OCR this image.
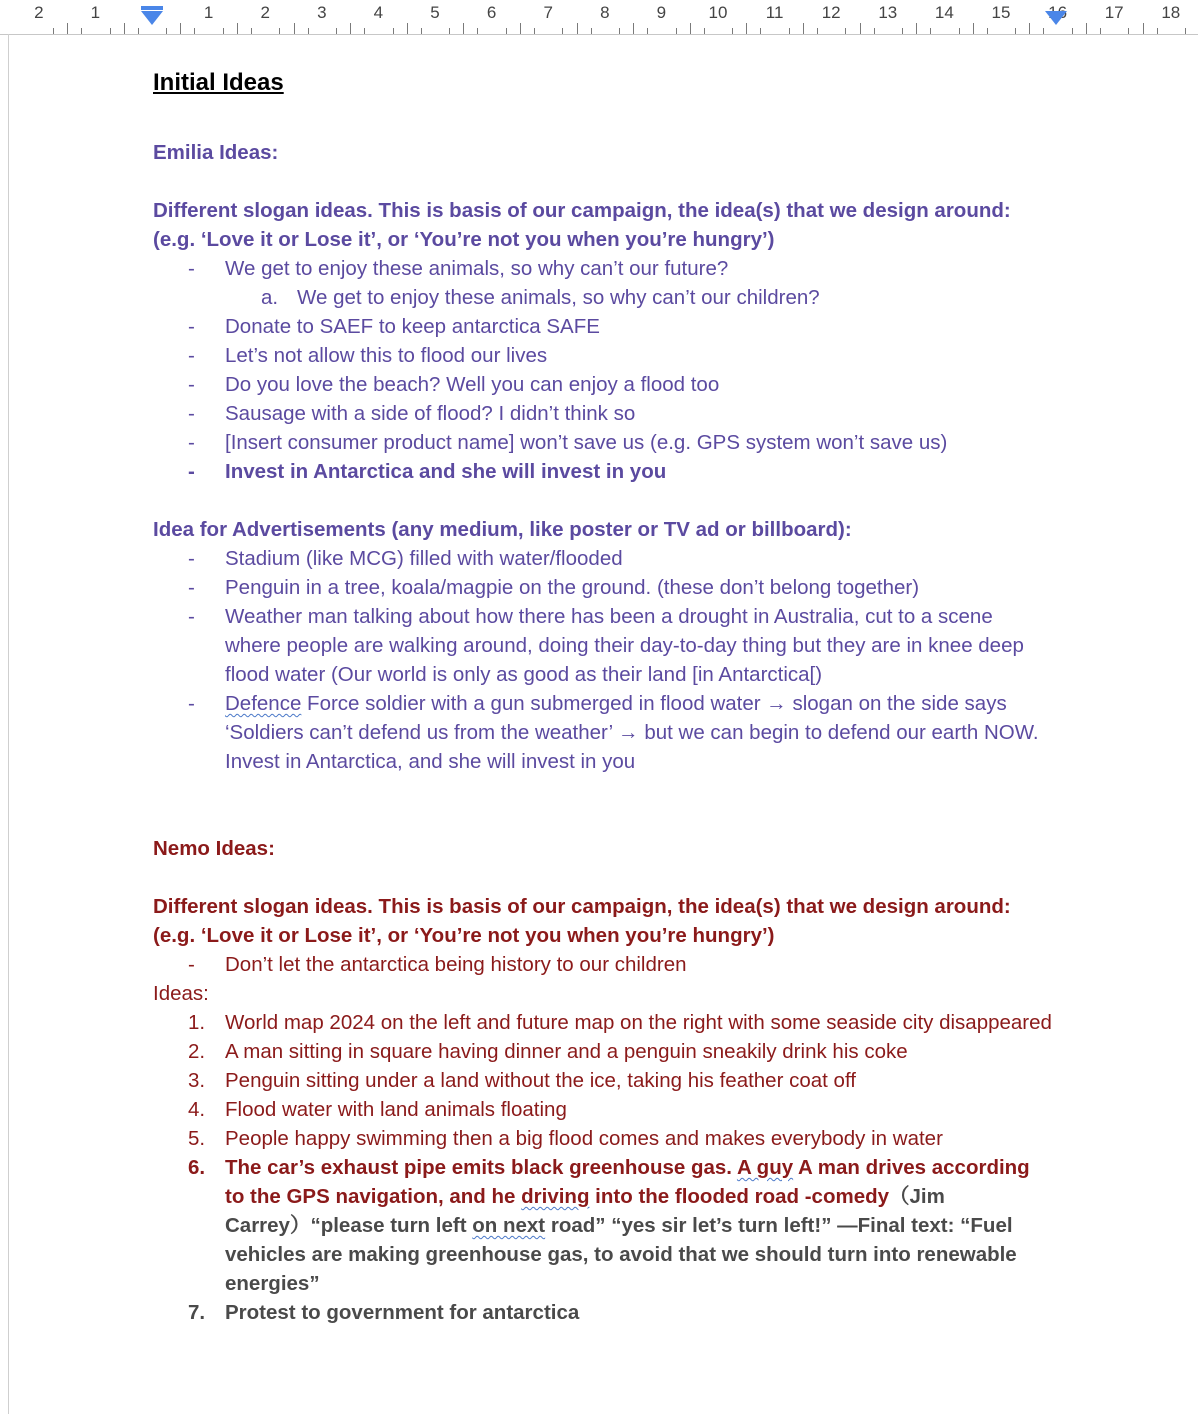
2	1	1	2	3	4	5	6	7	8	9 10 11 12 13 14 15 16 17 18

Initial Ideas

Emilia Ideas:

Different slogan ideas. This is basis of our campaign, the idea(s) that we design around: (e.g. ‘Love it or Lose it’, or ‘You’re not you when you’re hungry’)

- We get to enjoy these animals, so why can’t our future?

a. We get to enjoy these animals, so why can’t our children?

- Donate to SAEF to keep antarctica SAFE

- Let’s not allow this to flood our lives

- Do you love the beach? Well you can enjoy a flood too

- Sausage with a side of flood? I didn’t think so

- [Insert consumer product name] won’t save us (e.g. GPS system won’t save us)

- Invest in Antarctica and she will invest in you

Idea for Advertisements (any medium, like poster or TV ad or billboard):

- Stadium (like MCG) filled with water/flooded

- Penguin in a tree, koala/magpie on the ground. (these don’t belong together)

- Weather man talking about how there has been a drought in Australia, cut to a scene where people are walking around, doing their day-to-day thing but they are in knee deep flood water (Our world is only as good as their land [in Antarctica[)

- Defence Force soldier with a gun submerged in flood water → slogan on the side says ‘Soldiers can’t defend us from the weather’ → but we can begin to defend our earth NOW. Invest in Antarctica, and she will invest in you

Nemo Ideas:

Different slogan ideas. This is basis of our campaign, the idea(s) that we design around: (e.g. ‘Love it or Lose it’, or ‘You’re not you when you’re hungry’)

- Don’t let the antarctica being history to our children

Ideas:

1. World map 2024 on the left and future map on the right with some seaside city disappeared

2. A man sitting in square having dinner and a penguin sneakily drink his coke

3. Penguin sitting under a land without the ice, taking his feather coat off

4. Flood water with land animals floating

5. People happy swimming then a big flood comes and makes everybody in water

6. The car’s exhaust pipe emits black greenhouse gas. A guy A man drives according to the GPS navigation, and he driving into the flooded road -comedy（Jim Carrey）“please turn left on next road” “yes sir let’s turn left!” —Final text: “Fuel vehicles are making greenhouse gas, to avoid that we should turn into renewable energies”

7. Protest to government for antarctica
